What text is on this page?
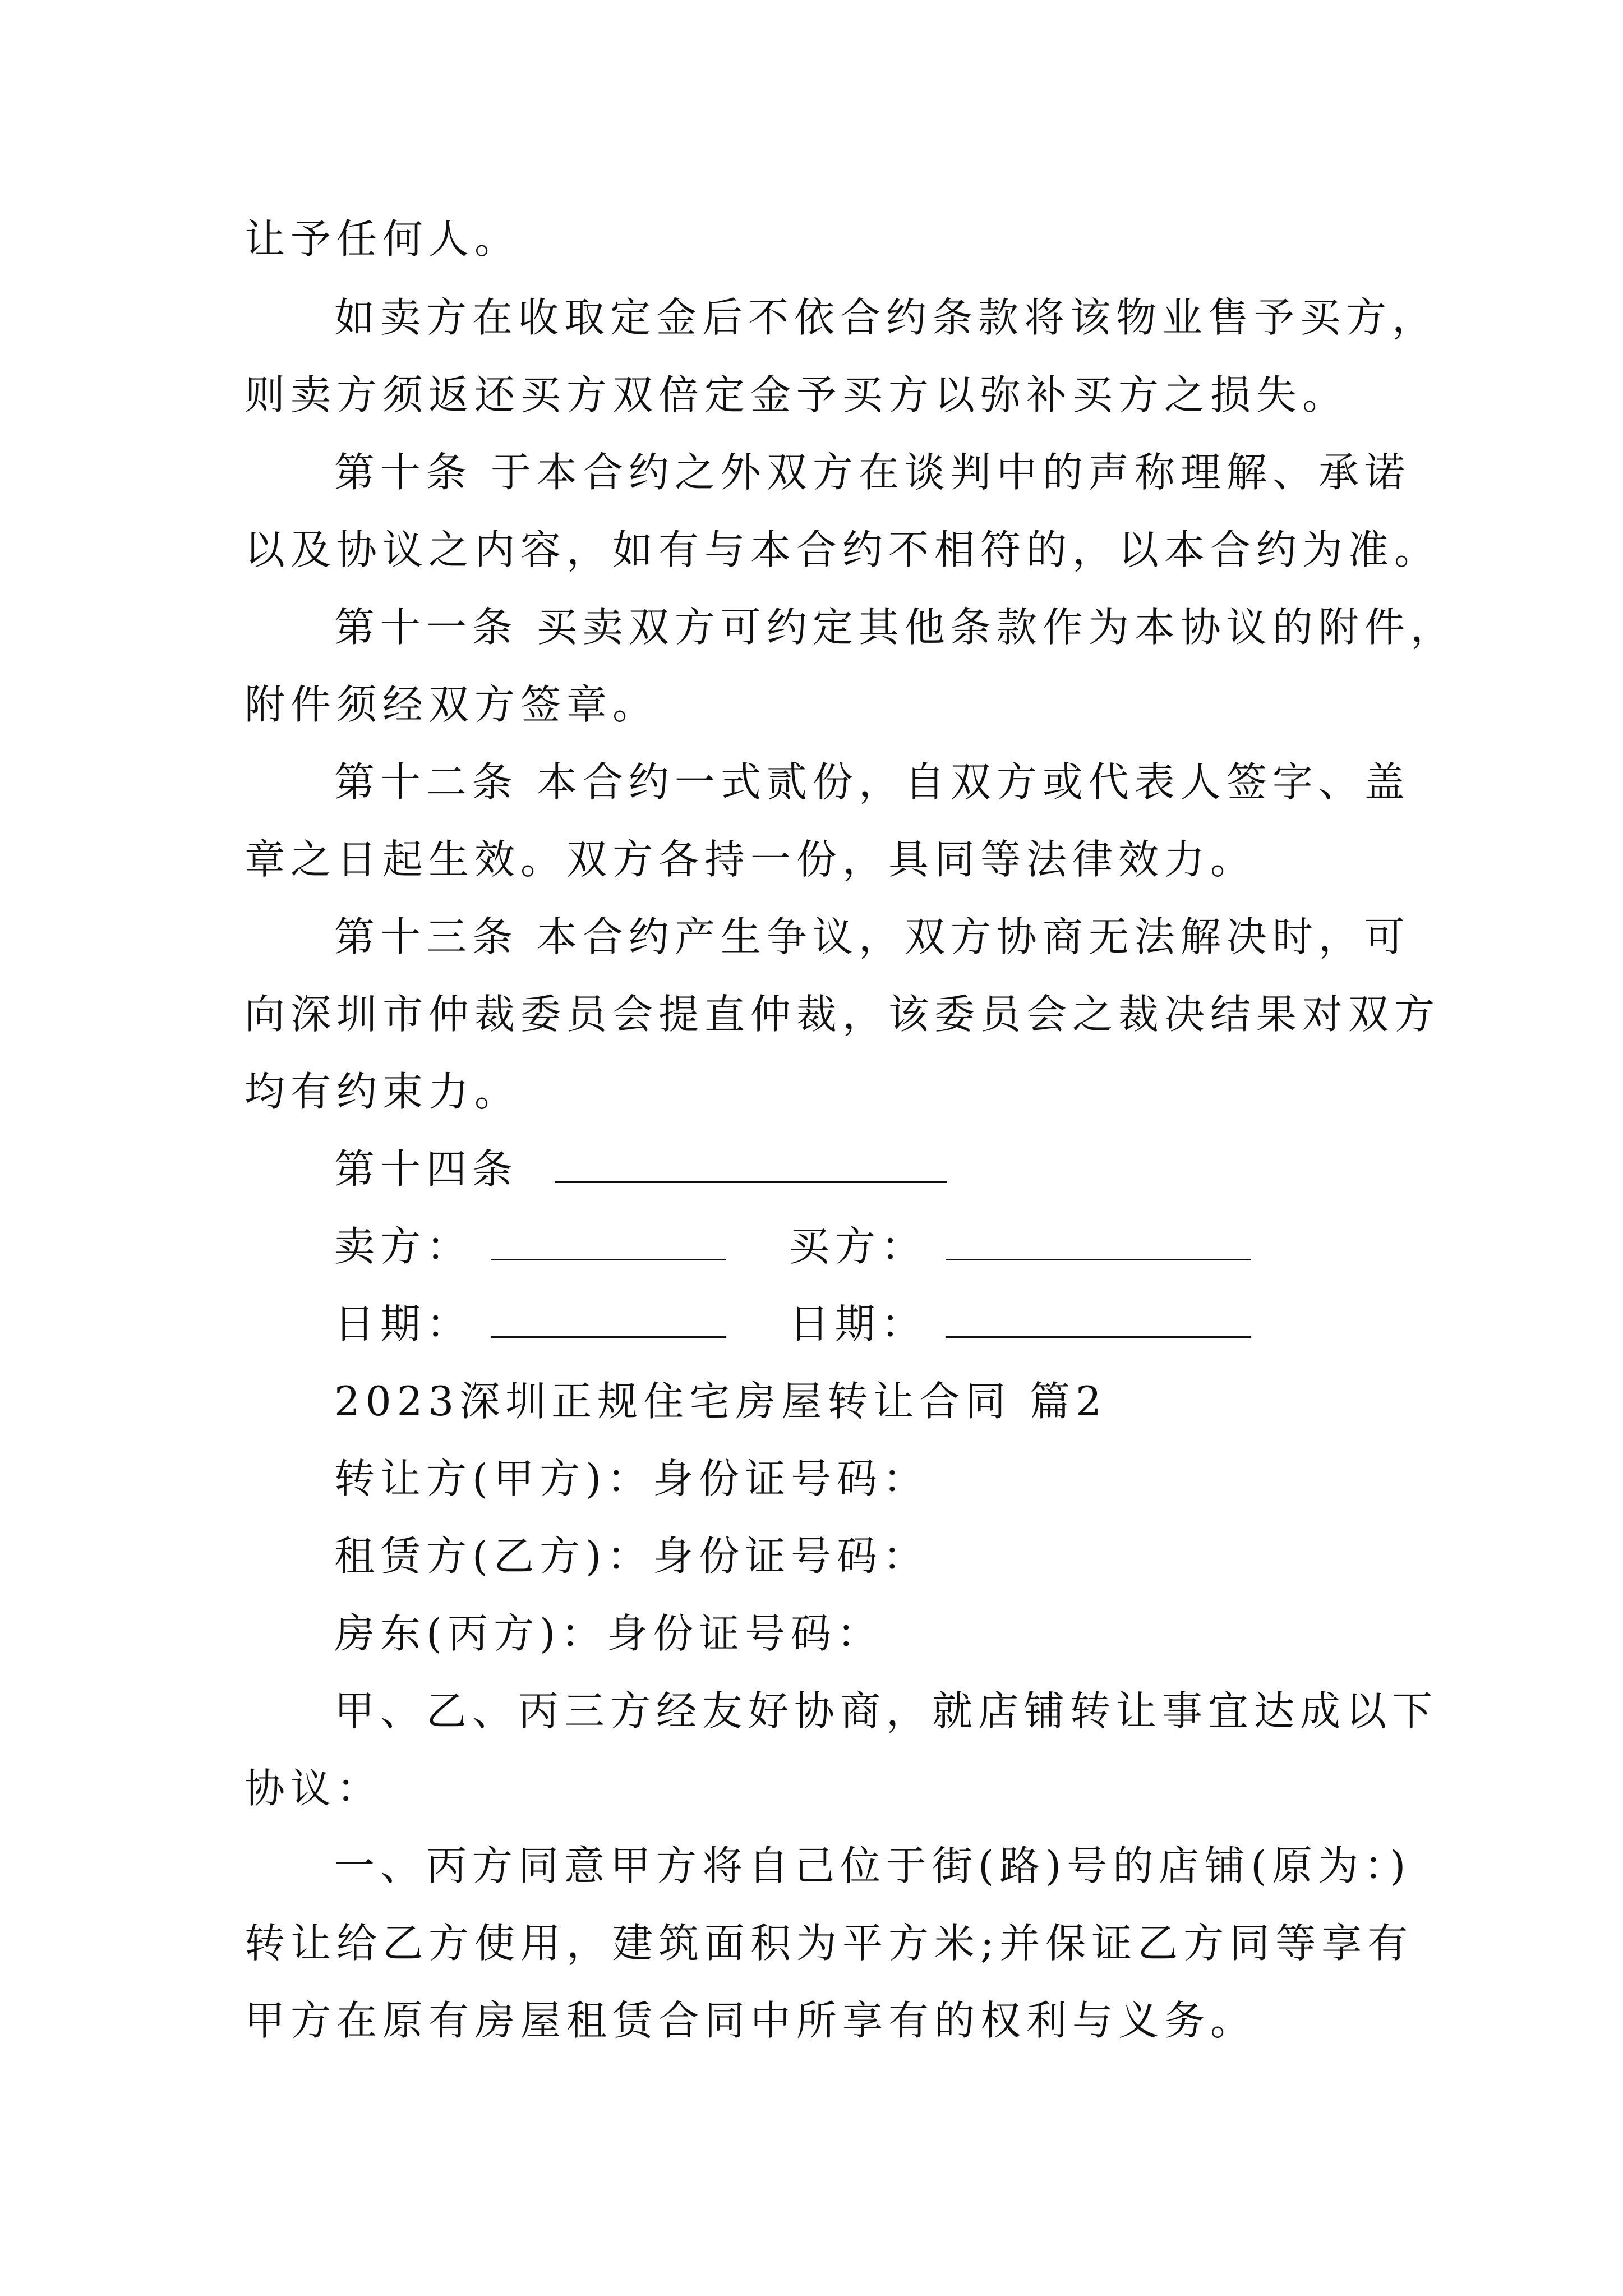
让予任何人。
如卖方在收取定金后不依合约条款将该物业售予买方，
则卖方须返还买方双倍定金予买方以弥补买方之损失。
第十条 于本合约之外双方在谈判中的声称理解、承诺
以及协议之内容，如有与本合约不相符的，以本合约为准。
第十一条 买卖双方可约定其他条款作为本协议的附件，
附件须经双方签章。
第十二条 本合约一式贰份，自双方或代表人签字、盖
章之日起生效。双方各持一份，具同等法律效力。
第十三条 本合约产生争议，双方协商无法解决时，可
向深圳市仲裁委员会提直仲裁，该委员会之裁决结果对双方
均有约束力。
第十四条
卖方：	买方：
日期：	日期：
2023深圳正规住宅房屋转让合同 篇2
转让方(甲方)：身份证号码：
租赁方(乙方)：身份证号码：
房东(丙方)：身份证号码：
甲、乙、丙三方经友好协商，就店铺转让事宜达成以下
协议：
一、丙方同意甲方将自己位于街(路)号的店铺(原为：)
转让给乙方使用，建筑面积为平方米;并保证乙方同等享有
甲方在原有房屋租赁合同中所享有的权利与义务。
